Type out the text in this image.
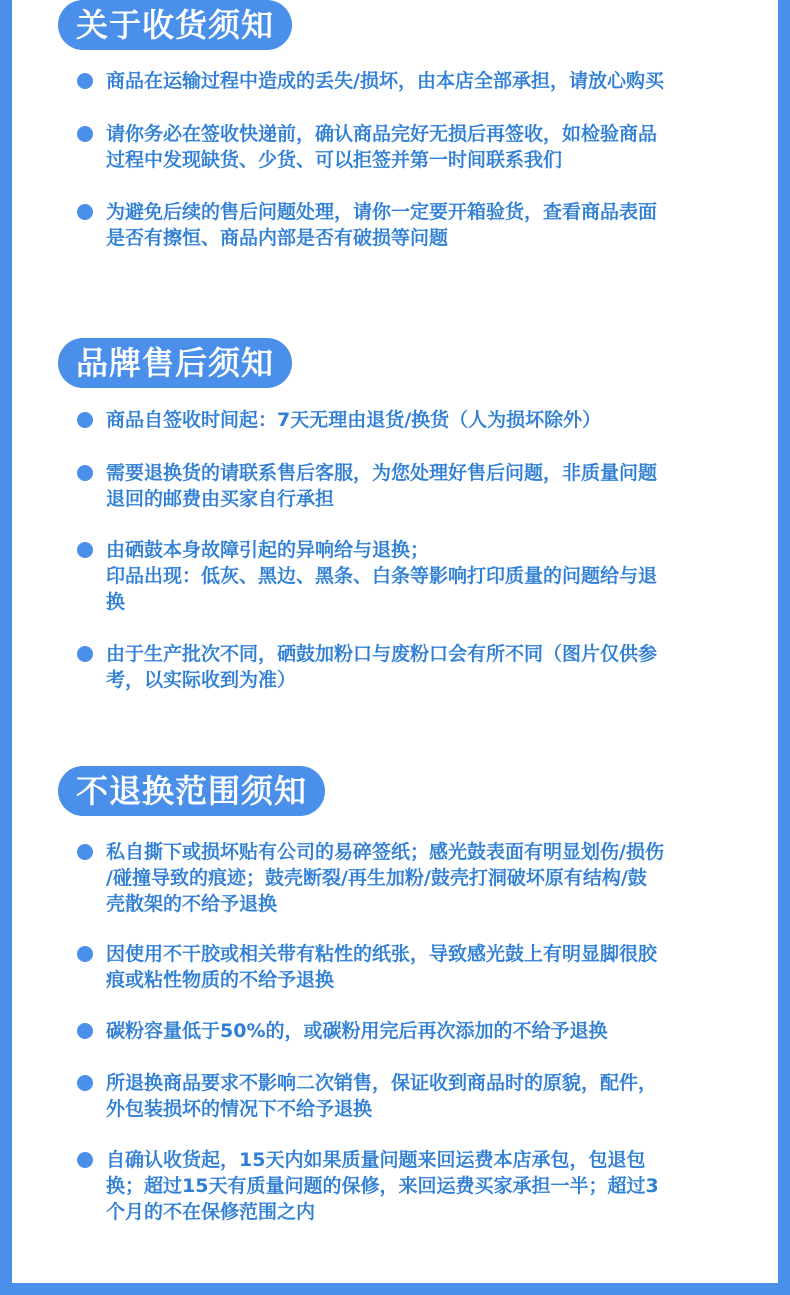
关于收货须知
商品在运输过程中造成的丢失/损坏，由本店全部承担，请放心购买
请你务必在签收快递前，确认商品完好无损后再签收，如检验商品
过程中发现缺货、少货、可以拒签并第一时间联系我们
为避免后续的售后问题处理，请你一定要开箱验货，查看商品表面
是否有擦恒、商品内部是否有破损等问题
品牌售后须知
商品自签收时间起：7天无理由退货/换货（人为损坏除外）
需要退换货的请联系售后客服，为您处理好售后问题，非质量问题
退回的邮费由买家自行承担
由硒鼓本身故障引起的异响给与退换；
印品出现：低灰、黑边、黑条、白条等影响打印质量的问题给与退
换
由于生产批次不同，硒鼓加粉口与废粉口会有所不同（图片仅供参
考，以实际收到为准）
不退换范围须知
私自撕下或损坏贴有公司的易碎签纸；感光鼓表面有明显划伤/损伤
/碰撞导致的痕迹；鼓壳断裂/再生加粉/鼓壳打洞破坏原有结构/鼓
壳散架的不给予退换
因使用不干胶或相关带有粘性的纸张，导致感光鼓上有明显脚很胶
痕或粘性物质的不给予退换
碳粉容量低于50%的，或碳粉用完后再次添加的不给予退换
所退换商品要求不影响二次销售，保证收到商品时的原貌，配件，
外包装损坏的情况下不给予退换
自确认收货起，15天内如果质量问题来回运费本店承包，包退包
换；超过15天有质量问题的保修，来回运费买家承担一半；超过3
个月的不在保修范围之内
